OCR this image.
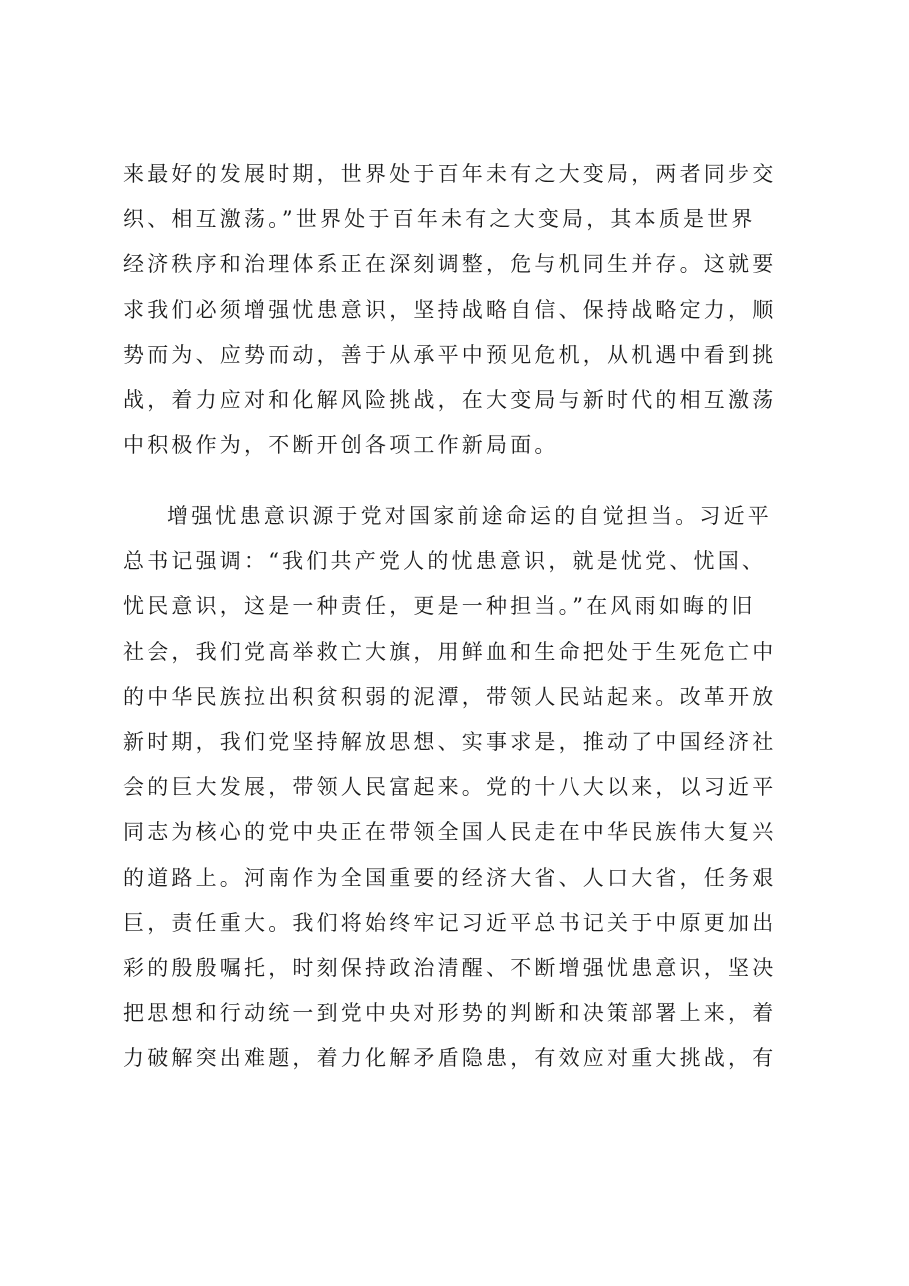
来最好的发展时期，世界处于百年未有之大变局，两者同步交
织、相互激荡。”世界处于百年未有之大变局，其本质是世界
经济秩序和治理体系正在深刻调整，危与机同生并存。这就要
求我们必须增强忧患意识，坚持战略自信、保持战略定力，顺
势而为、应势而动，善于从承平中预见危机，从机遇中看到挑
战，着力应对和化解风险挑战，在大变局与新时代的相互激荡
中积极作为，不断开创各项工作新局面。
增强忧患意识源于党对国家前途命运的自觉担当。习近平
总书记强调：“我们共产党人的忧患意识，就是忧党、忧国、
忧民意识，这是一种责任，更是一种担当。”在风雨如晦的旧
社会，我们党高举救亡大旗，用鲜血和生命把处于生死危亡中
的中华民族拉出积贫积弱的泥潭，带领人民站起来。改革开放
新时期，我们党坚持解放思想、实事求是，推动了中国经济社
会的巨大发展，带领人民富起来。党的十八大以来，以习近平
同志为核心的党中央正在带领全国人民走在中华民族伟大复兴
的道路上。河南作为全国重要的经济大省、人口大省，任务艰
巨，责任重大。我们将始终牢记习近平总书记关于中原更加出
彩的殷殷嘱托，时刻保持政治清醒、不断增强忧患意识，坚决
把思想和行动统一到党中央对形势的判断和决策部署上来，着
力破解突出难题，着力化解矛盾隐患，有效应对重大挑战，有
